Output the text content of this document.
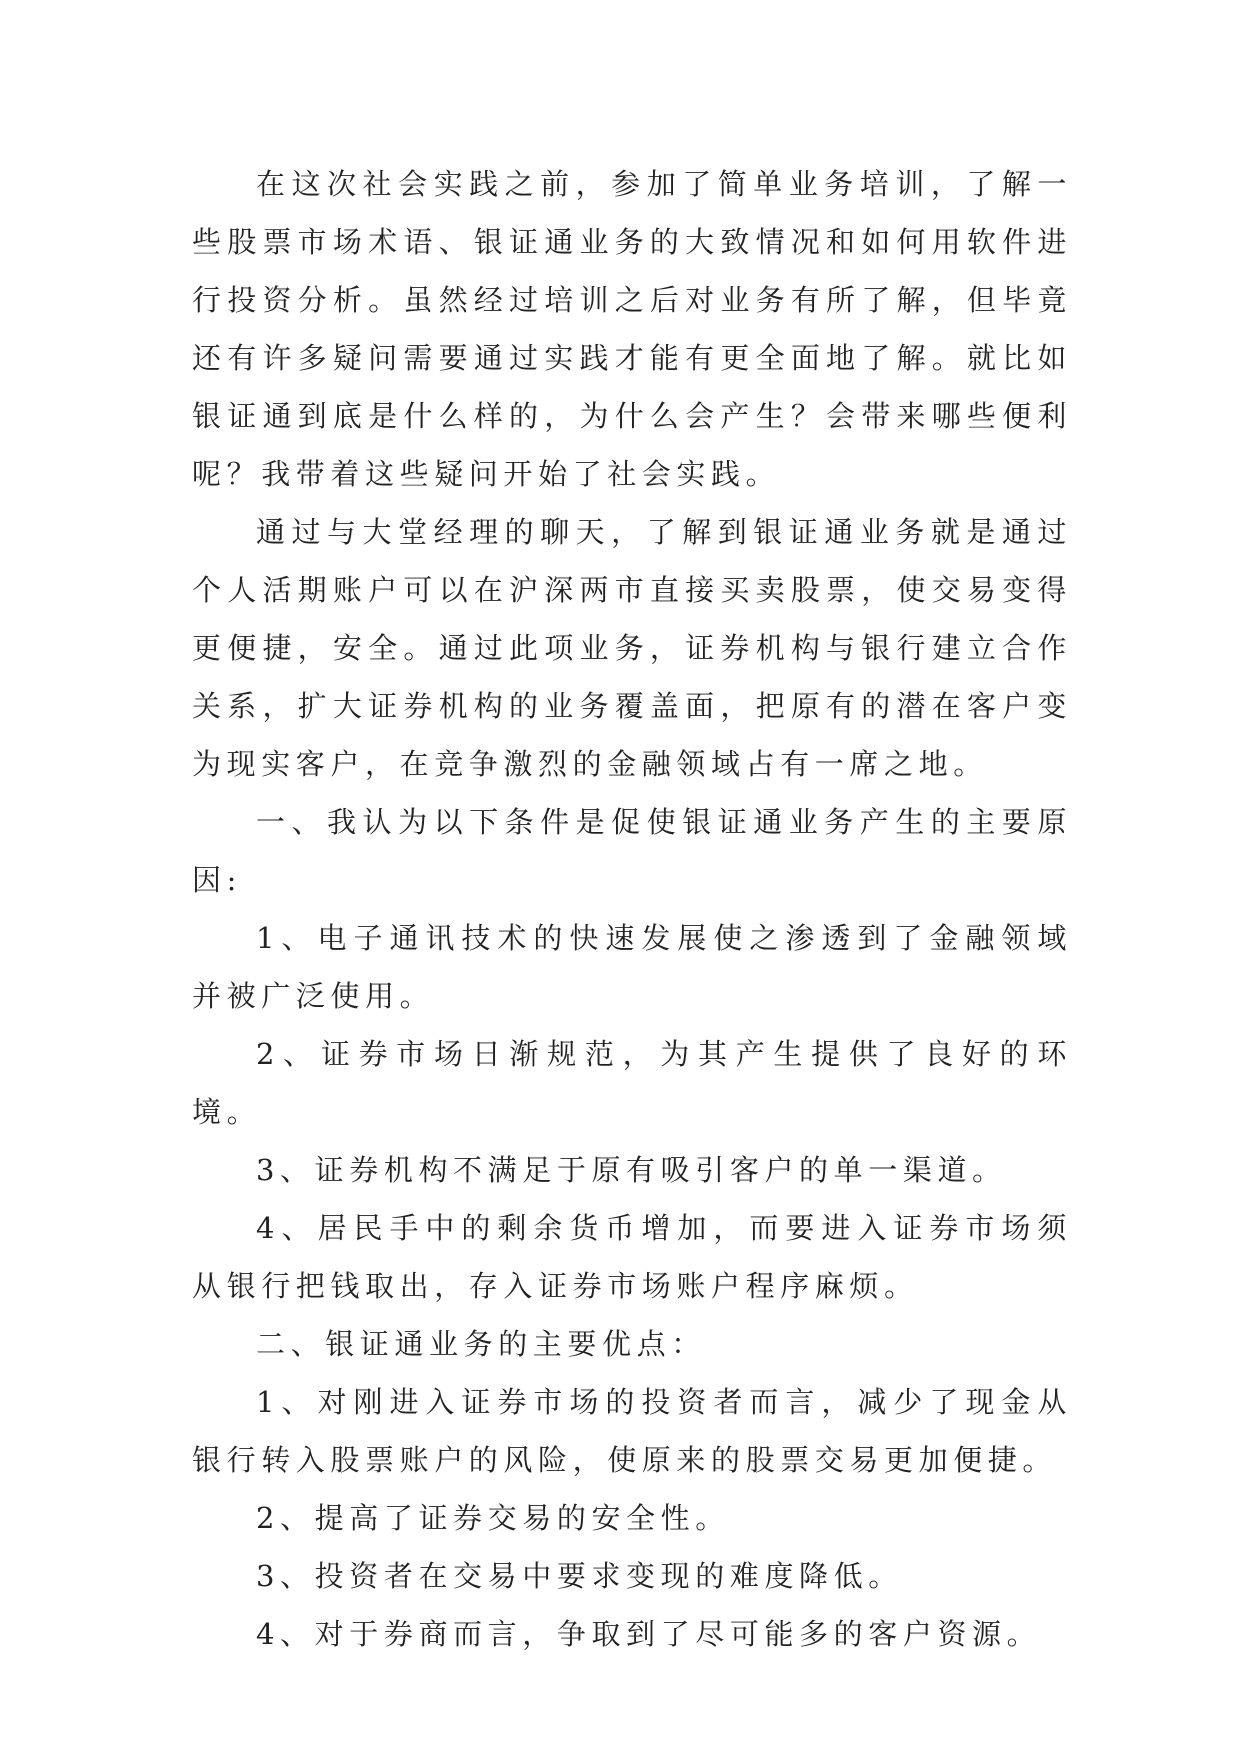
在这次社会实践之前，参加了简单业务培训，了解一些股票市场术语、银证通业务的大致情况和如何用软件进行投资分析。虽然经过培训之后对业务有所了解，但毕竟还有许多疑问需要通过实践才能有更全面地了解。就比如银证通到底是什么样的，为什么会产生？会带来哪些便利呢？我带着这些疑问开始了社会实践。

通过与大堂经理的聊天，了解到银证通业务就是通过个人活期账户可以在沪深两市直接买卖股票，使交易变得更便捷，安全。通过此项业务，证券机构与银行建立合作关系，扩大证券机构的业务覆盖面，把原有的潜在客户变为现实客户，在竞争激烈的金融领域占有一席之地。

一、我认为以下条件是促使银证通业务产生的主要原因:

1、电子通讯技术的快速发展使之渗透到了金融领域并被广泛使用。

2、证券市场日渐规范，为其产生提供了良好的环境。

3、证券机构不满足于原有吸引客户的单一渠道。

4、居民手中的剩余货币增加，而要进入证券市场须从银行把钱取出，存入证券市场账户程序麻烦。

二、银证通业务的主要优点：

1、对刚进入证券市场的投资者而言，减少了现金从银行转入股票账户的风险，使原来的股票交易更加便捷。

2、提高了证券交易的安全性。

3、投资者在交易中要求变现的难度降低。

4、对于券商而言，争取到了尽可能多的客户资源。
